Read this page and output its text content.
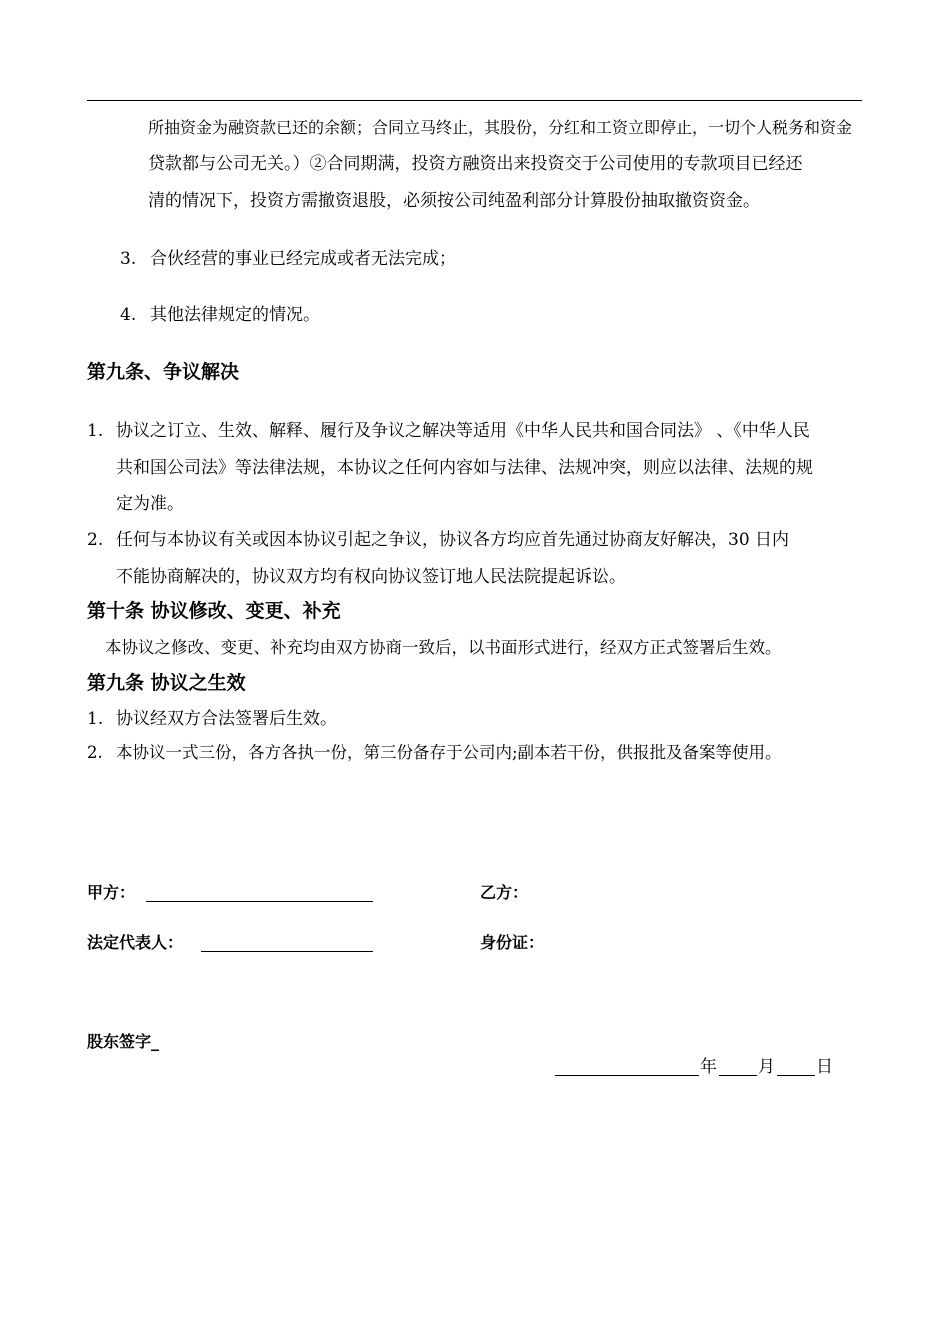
所抽资金为融资款已还的余额；合同立马终止，其股份，分红和工资立即停止，一切个人税务和资金
贷款都与公司无关。）②合同期满，投资方融资出来投资交于公司使用的专款项目已经还
清的情况下，投资方需撤资退股，必须按公司纯盈利部分计算股份抽取撤资资金。
3. 合伙经营的事业已经完成或者无法完成；
4. 其他法律规定的情况。
第九条、争议解决
1. 协议之订立、生效、解释、履行及争议之解决等适用《中华人民共和国合同法》 、《中华人民
共和国公司法》等法律法规，本协议之任何内容如与法律、法规冲突，则应以法律、法规的规
定为准。
2. 任何与本协议有关或因本协议引起之争议，协议各方均应首先通过协商友好解决，30 日内
不能协商解决的，协议双方均有权向协议签订地人民法院提起诉讼。
第十条 协议修改、变更、补充
本协议之修改、变更、补充均由双方协商一致后，以书面形式进行，经双方正式签署后生效。
第九条 协议之生效
1. 协议经双方合法签署后生效。
2. 本协议一式三份，各方各执一份，第三份备存于公司内;副本若干份，供报批及备案等使用。
甲方：	乙方：
法定代表人：	身份证：
股东签字_
年 月 日
